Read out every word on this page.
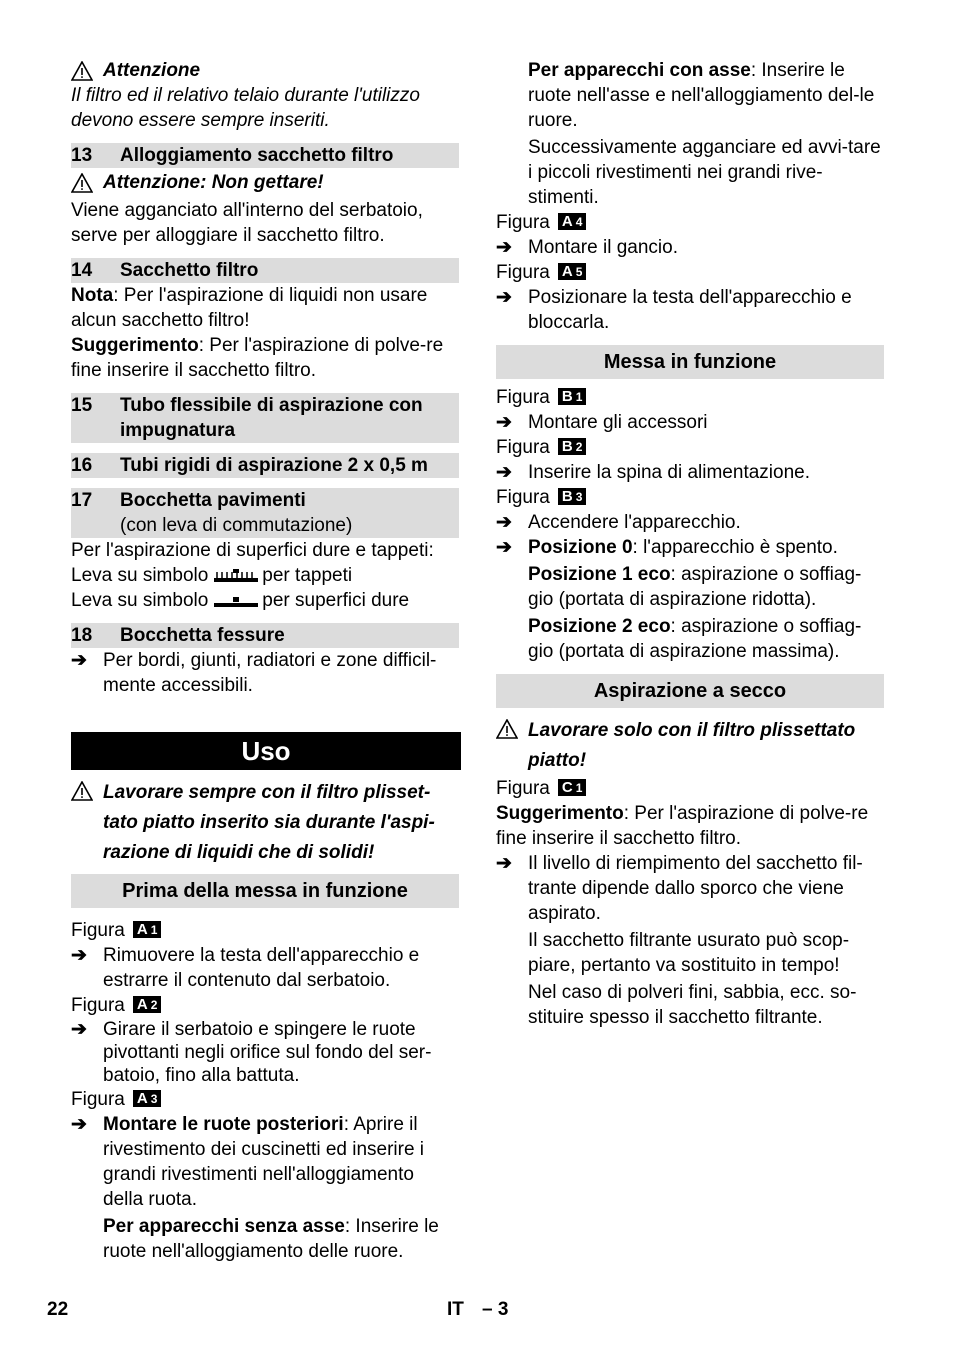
Attenzione

Il filtro ed il relativo telaio durante l'utilizzo devono essere sempre inseriti.

13 Alloggiamento sacchetto filtro

Attenzione: Non gettare!

Viene agganciato all'interno del serbatoio, serve per alloggiare il sacchetto filtro.

14 Sacchetto filtro

Nota: Per l'aspirazione di liquidi non usare alcun sacchetto filtro!

Suggerimento: Per l'aspirazione di polve-re fine inserire il sacchetto filtro.

15 Tubo flessibile di aspirazione con impugnatura
16 Tubi rigidi di aspirazione 2 x 0,5 m
17 Bocchetta pavimenti
(con leva di commutazione)

Per l'aspirazione di superfici dure e tappeti:

Leva su simbolo	per tappeti

Leva su simbolo	per superfici dure

18 Bocchetta fessure

➔ Per bordi, giunti, radiatori e zone difficil-mente accessibili.

Uso

Lavorare sempre con il filtro plisset-tato piatto inserito sia durante l'aspi-razione di liquidi che di solidi!

Prima della messa in funzione

Figura A 1

➔ Rimuovere la testa dell'apparecchio e estrarre il contenuto dal serbatoio.

Figura A 2

➔ Girare il serbatoio e spingere le ruote pivottanti negli orifice sul fondo del ser-batoio, fino alla battuta.

Figura A 3

➔ Montare le ruote posteriori: Aprire il rivestimento dei cuscinetti ed inserire i grandi rivestimenti nell'alloggiamento della ruota.

Per apparecchi senza asse: Inserire le ruote nell'alloggiamento delle ruore.

Per apparecchi con asse: Inserire le ruote nell'asse e nell'alloggiamento del-le ruore.

Successivamente agganciare ed avvi-tare i piccoli rivestimenti nei grandi rive-stimenti.

Figura A 4

➔ Montare il gancio.

Figura A 5

➔ Posizionare la testa dell'apparecchio e bloccarla.

Messa in funzione

Figura B 1

➔ Montare gli accessori

Figura B 2

➔ Inserire la spina di alimentazione.

Figura B 3

➔ Accendere l'apparecchio.

➔ Posizione 0: l'apparecchio è spento.

Posizione 1 eco: aspirazione o soffiag-gio (portata di aspirazione ridotta).

Posizione 2 eco: aspirazione o soffiag-gio (portata di aspirazione massima).

Aspirazione a secco

Lavorare solo con il filtro plissettato piatto!

Figura C 1

Suggerimento: Per l'aspirazione di polve-re fine inserire il sacchetto filtro.

➔ Il livello di riempimento del sacchetto fil-trante dipende dallo sporco che viene aspirato.

Il sacchetto filtrante usurato può scop-piare, pertanto va sostituito in tempo!

Nel caso di polveri fini, sabbia, ecc. so-stituire spesso il sacchetto filtrante.

22	IT – 3
